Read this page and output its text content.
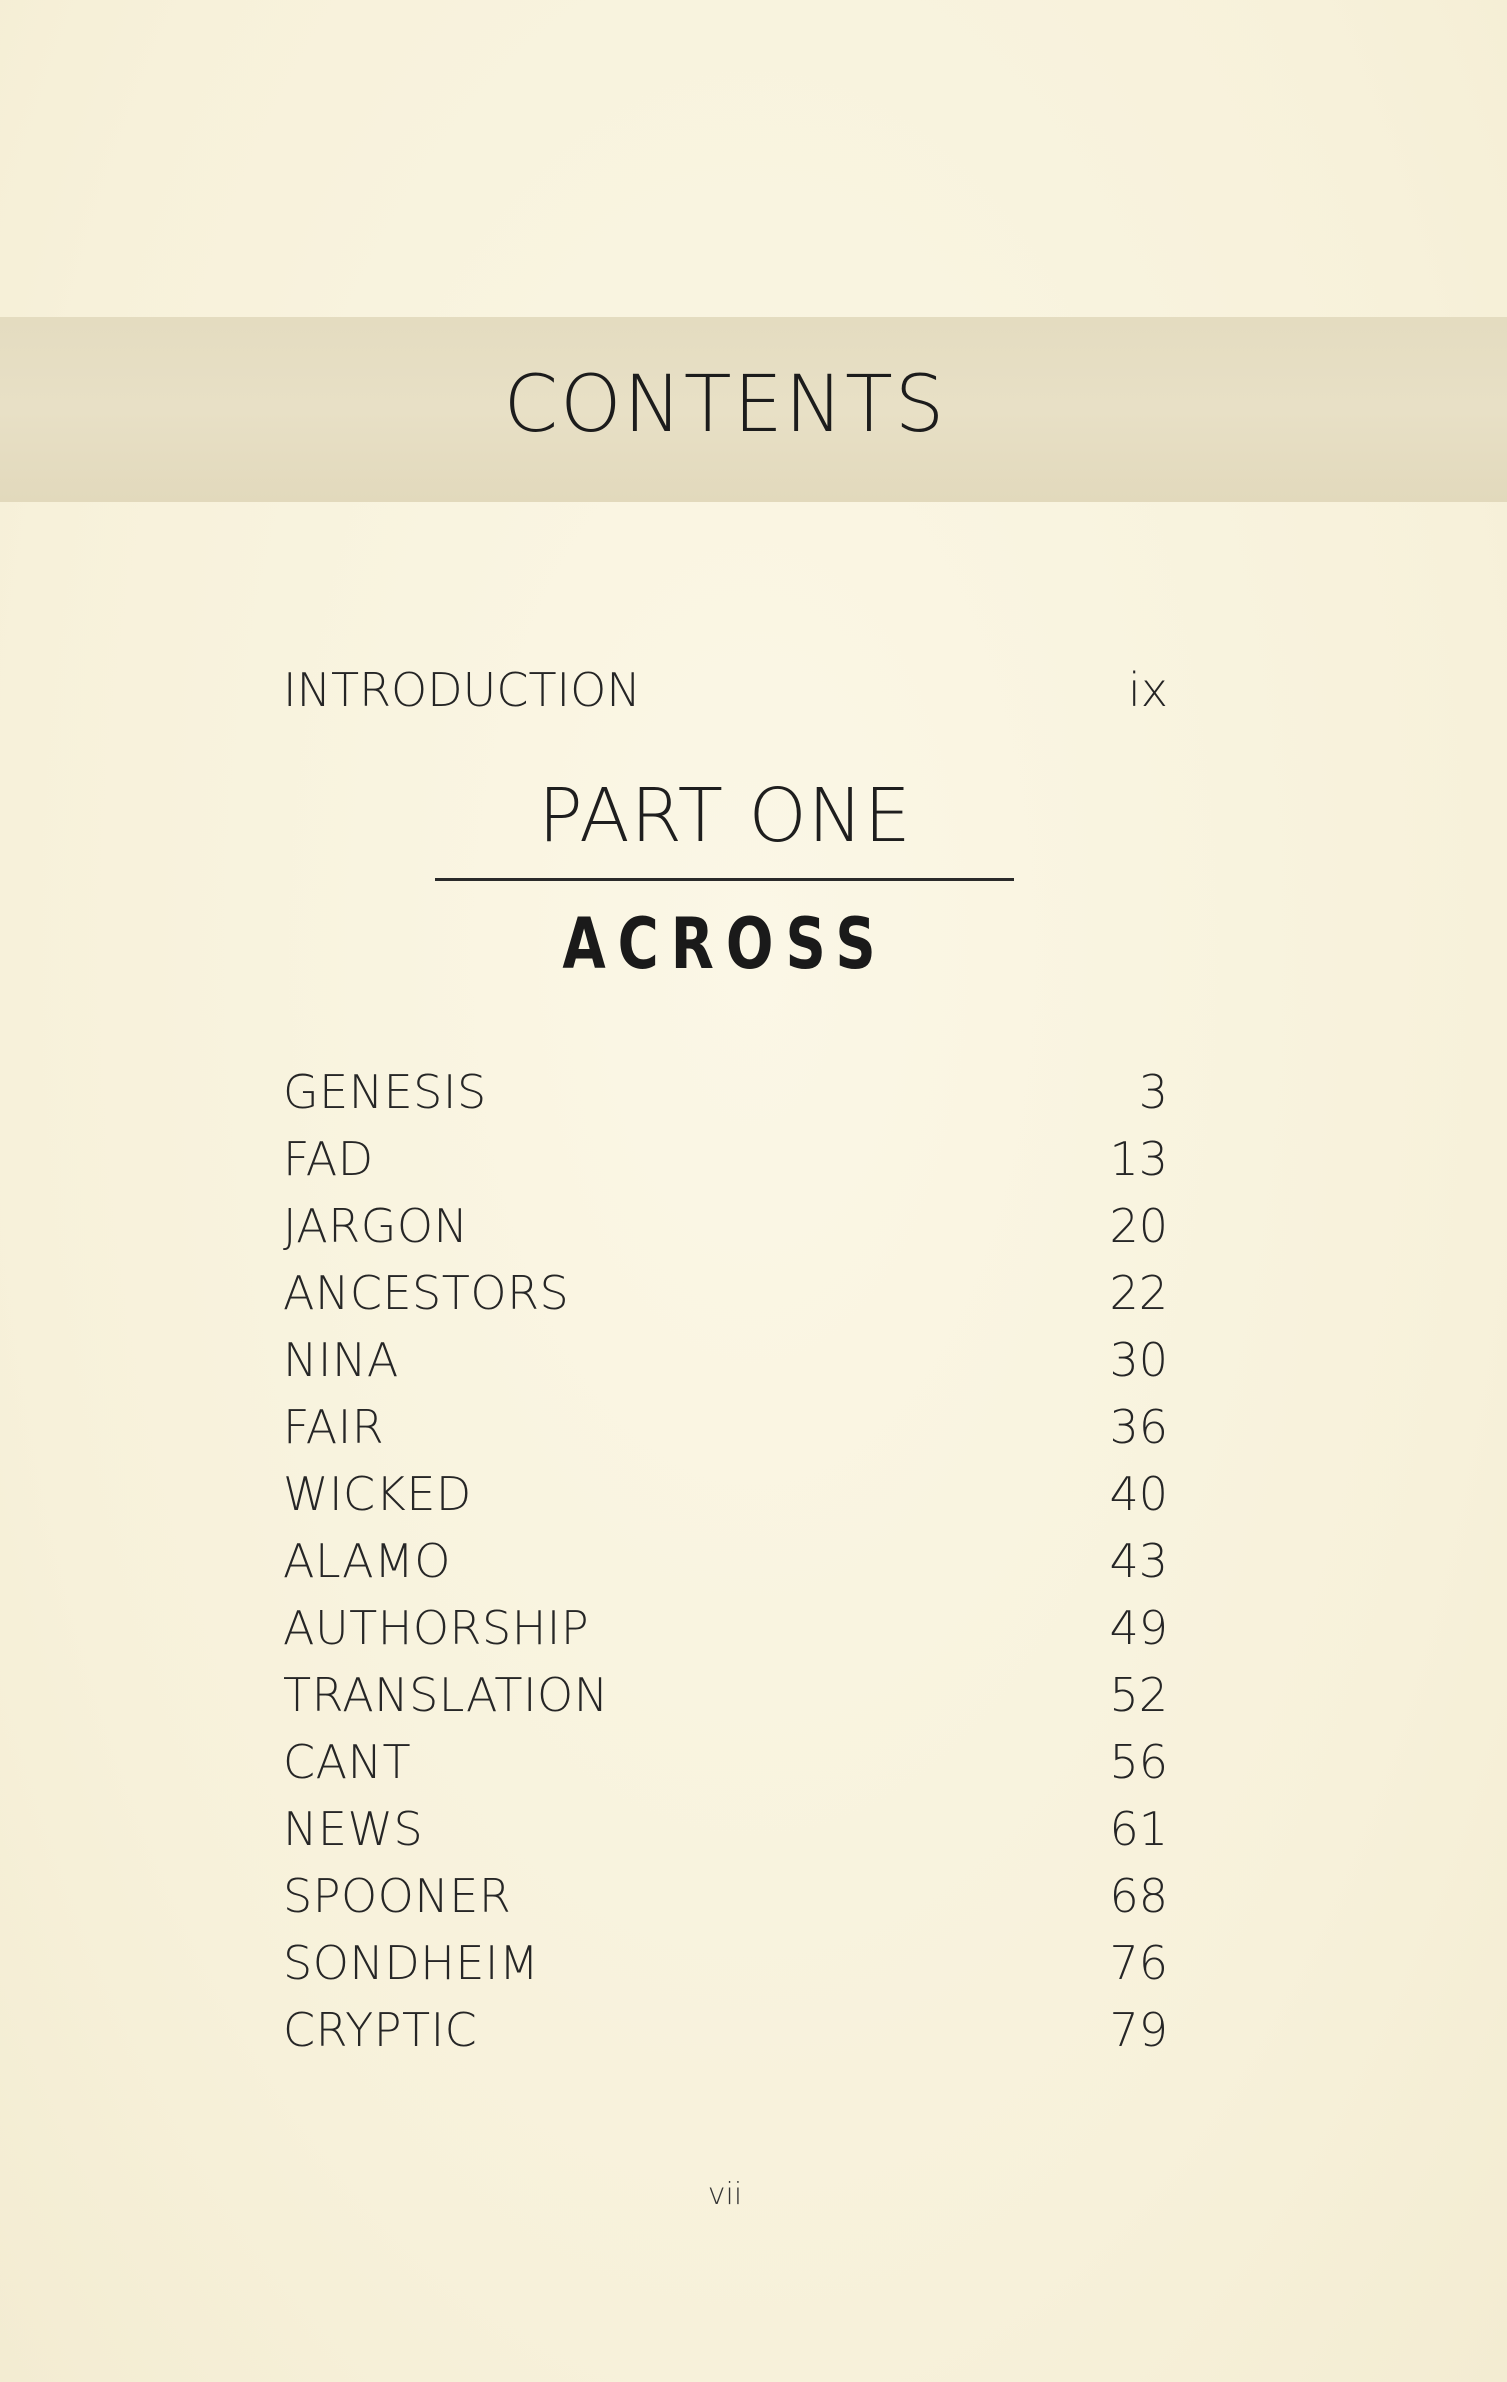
CONTENTS
INTRODUCTION	ix
PART ONE
ACROSS
GENESIS	3
FAD	13
JARGON	20
ANCESTORS	22
NINA	30
FAIR	36
WICKED	40
ALAMO	43
AUTHORSHIP	49
TRANSLATION	52
CANT	56
NEWS	61
SPOONER	68
SONDHEIM	76
CRYPTIC	79
vii
